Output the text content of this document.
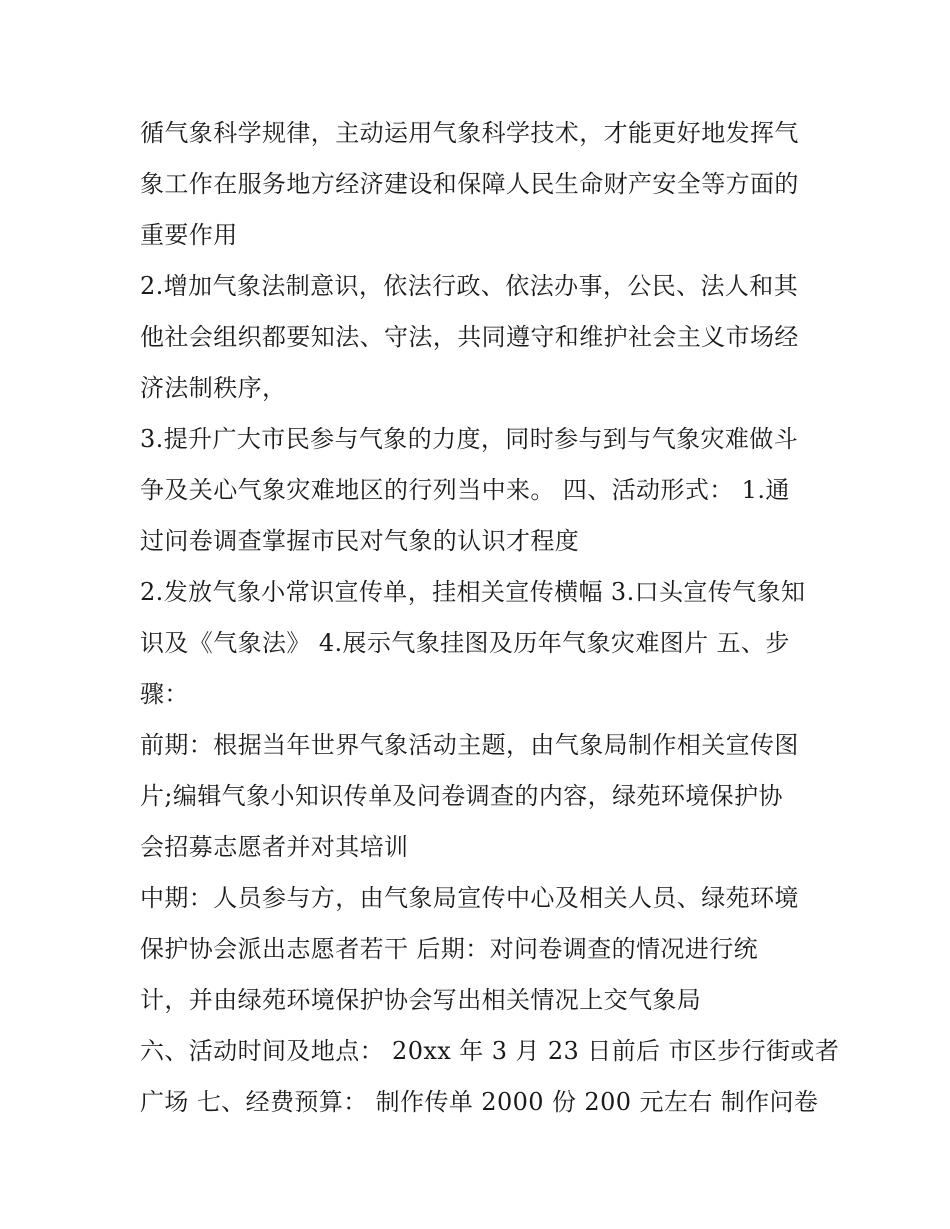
循气象科学规律，主动运用气象科学技术，才能更好地发挥气
象工作在服务地方经济建设和保障人民生命财产安全等方面的
重要作用
2.增加气象法制意识，依法行政、依法办事，公民、法人和其
他社会组织都要知法、守法，共同遵守和维护社会主义市场经
济法制秩序，
3.提升广大市民参与气象的力度，同时参与到与气象灾难做斗
争及关心气象灾难地区的行列当中来。 四、活动形式： 1.通
过问卷调查掌握市民对气象的认识才程度
2.发放气象小常识宣传单，挂相关宣传横幅 3.口头宣传气象知
识及《气象法》 4.展示气象挂图及历年气象灾难图片 五、步
骤：
前期：根据当年世界气象活动主题，由气象局制作相关宣传图
片;编辑气象小知识传单及问卷调查的内容，绿苑环境保护协
会招募志愿者并对其培训
中期：人员参与方，由气象局宣传中心及相关人员、绿苑环境
保护协会派出志愿者若干 后期：对问卷调查的情况进行统
计，并由绿苑环境保护协会写出相关情况上交气象局
六、活动时间及地点： 20xx 年 3 月 23 日前后 市区步行街或者
广场 七、经费预算： 制作传单 2000 份 200 元左右 制作问卷
